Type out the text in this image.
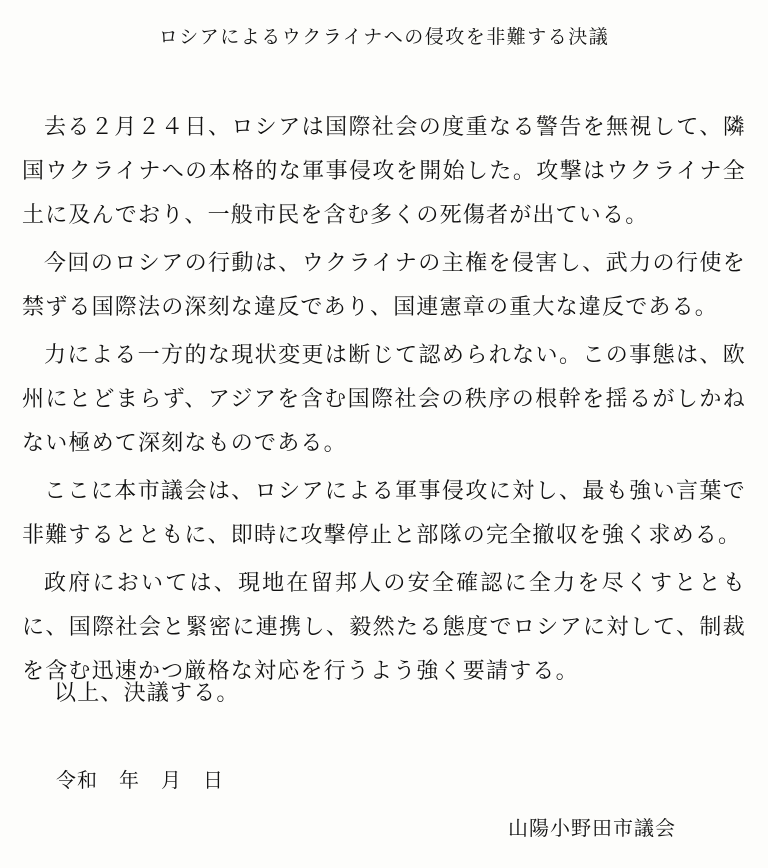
ロシアによるウクライナへの侵攻を非難する決議

去る２月２４日、ロシアは国際社会の度重なる警告を無視して、隣国ウクライナへの本格的な軍事侵攻を開始した。攻撃はウクライナ全土に及んでおり、一般市民を含む多くの死傷者が出ている。

今回のロシアの行動は、ウクライナの主権を侵害し、武力の行使を禁ずる国際法の深刻な違反であり、国連憲章の重大な違反である。

力による一方的な現状変更は断じて認められない。この事態は、欧州にとどまらず、アジアを含む国際社会の秩序の根幹を揺るがしかねない極めて深刻なものである。

ここに本市議会は、ロシアによる軍事侵攻に対し、最も強い言葉で非難するとともに、即時に攻撃停止と部隊の完全撤収を強く求める。

政府においては、現地在留邦人の安全確認に全力を尽くすとともに、国際社会と緊密に連携し、毅然たる態度でロシアに対して、制裁を含む迅速かつ厳格な対応を行うよう強く要請する。

以上、決議する。
令和　年　月　日
山陽小野田市議会
